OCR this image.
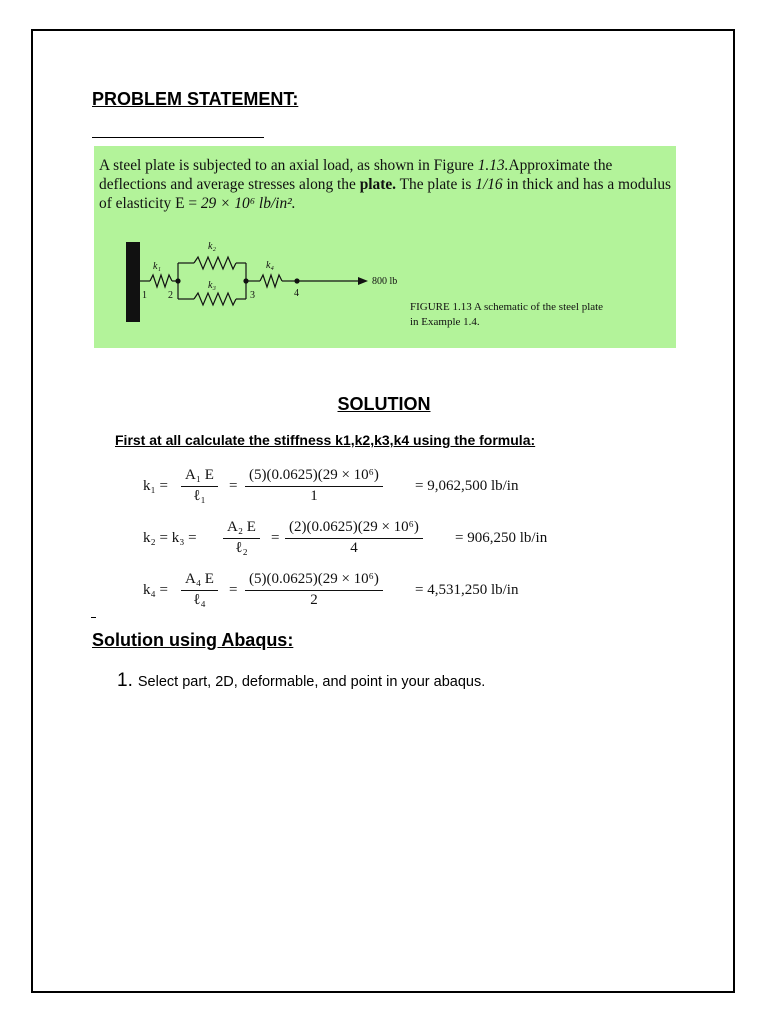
PROBLEM STATEMENT:
A steel plate is subjected to an axial load, as shown in Figure 1.13.Approximate the deflections and average stresses along the plate. The plate is 1/16 in thick and has a modulus of elasticity E = 29 × 10⁶ lb/in².
k₁
k₂
k₃
k₄
1 2	3	4
800 lb
FIGURE 1.13 A schematic of the steel plate
in Example 1.4.
SOLUTION
First at all calculate the stiffness k1,k2,k3,k4 using the formula:
$k_1 = \frac{\text{A₁ E}}{\text{ℓ₁}} = \frac{\text{(5)(0.0625)(29 × 10⁶)}}{1} = 9,062,500$ lb/in
$k_2 = k_3 = \frac{\text{A₂ E}}{\text{ℓ₂}} = \frac{\text{(2)(0.0625)(29 × 10⁶)}}{4} = 906,250$ lb/in
$k_4 = \frac{\text{A₄ E}}{\text{ℓ₄}} = \frac{\text{(5)(0.0625)(29 × 10⁶)}}{2} = 4,531,250$ lb/in
Solution using Abaqus:
1. Select part, 2D, deformable, and point in your abaqus.
